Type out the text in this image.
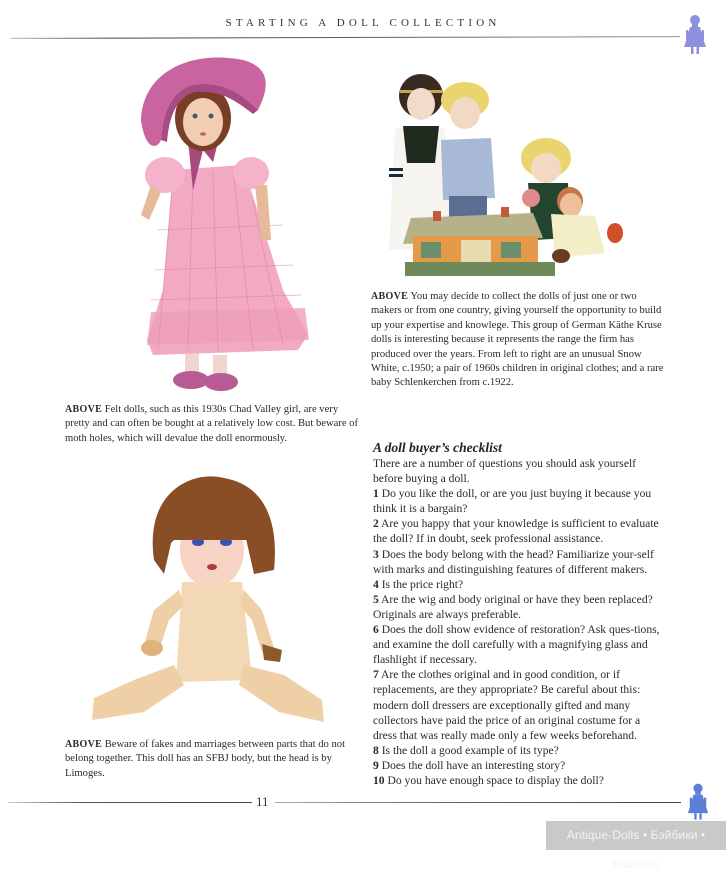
STARTING A DOLL COLLECTION
ABOVE Felt dolls, such as this 1930s Chad Valley girl, are very pretty and can often be bought at a relatively low cost. But beware of moth holes, which will devalue the doll enormously.
ABOVE You may decide to collect the dolls of just one or two makers or from one country, giving yourself the opportunity to build up your expertise and knowlege. This group of German Käthe Kruse dolls is interesting because it represents the range the firm has produced over the years. From left to right are an unusual Snow White, c.1950; a pair of 1960s children in original clothes; and a rare baby Schlenkerchen from c.1922.
ABOVE Beware of fakes and marriages between parts that do not belong together. This doll has an SFBJ body, but the head is by Limoges.
A doll buyer’s checklist

There are a number of questions you should ask yourself before buying a doll.

1 Do you like the doll, or are you just buying it because you think it is a bargain?

2 Are you happy that your knowledge is sufficient to evaluate the doll? If in doubt, seek professional assistance.

3 Does the body belong with the head? Familiarize your-self with marks and distinguishing features of different makers.

4 Is the price right?

5 Are the wig and body original or have they been replaced? Originals are always preferable.

6 Does the doll show evidence of restoration? Ask ques-tions, and examine the doll carefully with a magnifying glass and flashlight if necessary.

7 Are the clothes original and in good condition, or if replacements, are they appropriate? Be careful about this: modern doll dressers are exceptionally gifted and many collectors have paid the price of an original costume for a dress that was really made only a few weeks beforehand.

8 Is the doll a good example of its type?

9 Does the doll have an interesting story?

10 Do you have enough space to display the doll?

11
Antique-Dolls • Бэйбики • babiki.ru
